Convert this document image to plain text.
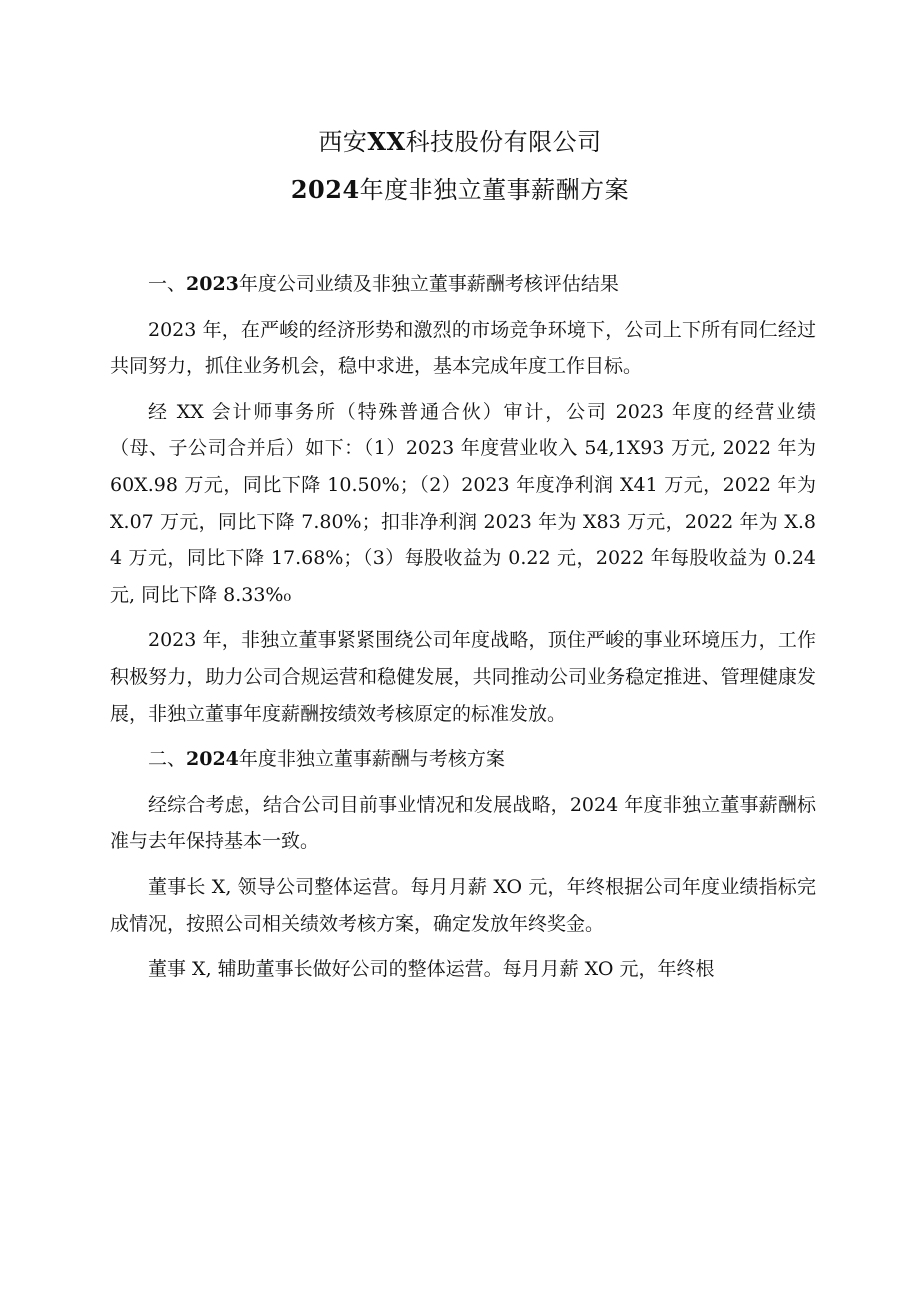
西安XX科技股份有限公司
2024年度非独立董事薪酬方案
一、2023年度公司业绩及非独立董事薪酬考核评估结果

2023 年，在严峻的经济形势和激烈的市场竞争环境下，公司上下所有同仁经过共同努力，抓住业务机会，稳中求进，基本完成年度工作目标。

经 XX 会计师事务所（特殊普通合伙）审计，公司 2023 年度的经营业绩（母、子公司合并后）如下：（1）2023 年度营业收入 54,1X93 万元, 2022 年为 60X.98 万元，同比下降 10.50%；（2）2023 年度净利润 X41 万元，2022 年为 X.07 万元，同比下降 7.80%；扣非净利润 2023 年为 X83 万元，2022 年为 X.84 万元，同比下降 17.68%；（3）每股收益为 0.22 元，2022 年每股收益为 0.24 元, 同比下降 8.33%₀

2023 年，非独立董事紧紧围绕公司年度战略，顶住严峻的事业环境压力，工作积极努力，助力公司合规运营和稳健发展，共同推动公司业务稳定推进、管理健康发展，非独立董事年度薪酬按绩效考核原定的标准发放。

二、2024年度非独立董事薪酬与考核方案

经综合考虑，结合公司目前事业情况和发展战略，2024 年度非独立董事薪酬标准与去年保持基本一致。

董事长 X, 领导公司整体运营。每月月薪 XO 元，年终根据公司年度业绩指标完成情况，按照公司相关绩效考核方案，确定发放年终奖金。

董事 X, 辅助董事长做好公司的整体运营。每月月薪 XO 元，年终根
